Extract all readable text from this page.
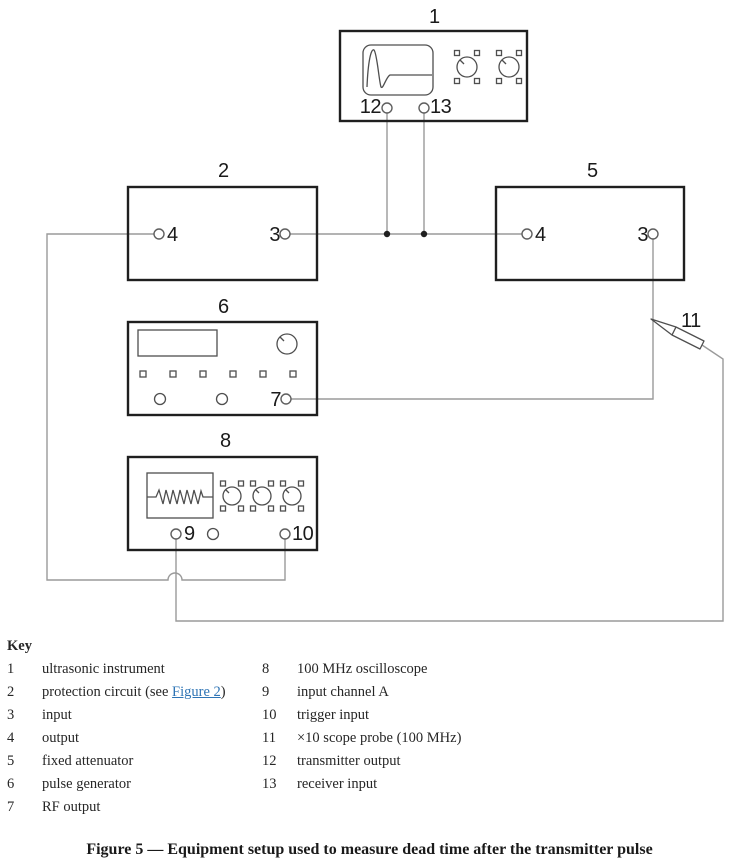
1
2	5
6
8
11
12 13
4	3	4	3
7
9	10
Key
1	ultrasonic instrument
2	protection circuit (see Figure 2)
3	input
4	output
5	fixed attenuator
6	pulse generator
7	RF output
8	100 MHz oscilloscope
9	input channel A
10	trigger input
11	×10 scope probe (100 MHz)
12	transmitter output
13	receiver input
Figure 5 — Equipment setup used to measure dead time after the transmitter pulse
